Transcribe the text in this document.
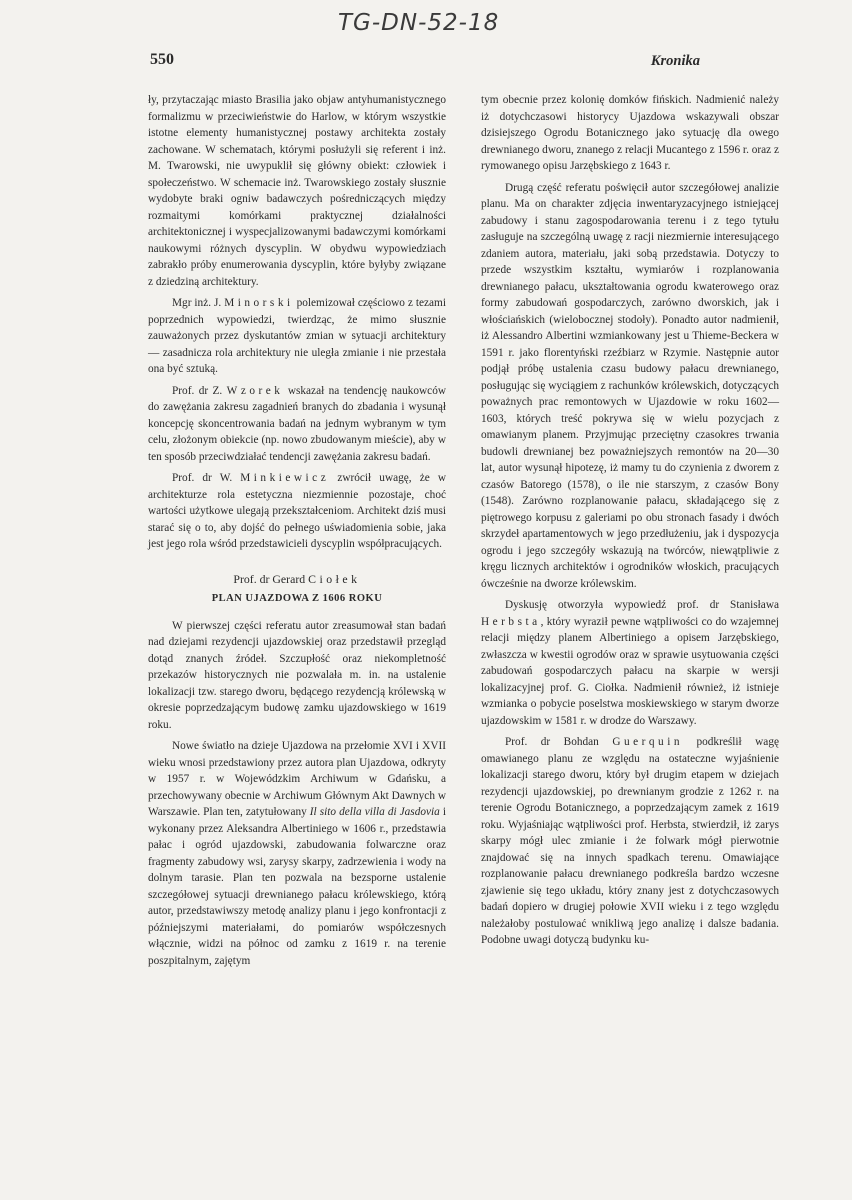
TG-DN-52-18
550	Kronika

ły, przytaczając miasto Brasilia jako objaw antyhumanistycznego formalizmu w przeciwieństwie do Harlow, w którym wszystkie istotne elementy humanistycznej postawy architekta zostały zachowane. W schematach, którymi posłużyli się referent i inż. M. Twarowski, nie uwypuklił się główny obiekt: człowiek i społeczeństwo. W schemacie inż. Twarowskiego zostały słusznie wydobyte braki ogniw badawczych pośredniczących między rozmaitymi komórkami praktycznej działalności architektonicznej i wyspecjalizowanymi badawczymi komórkami naukowymi różnych dyscyplin. W obydwu wypowiedziach zabrakło próby enumerowania dyscyplin, które byłyby związane z dziedziną architektury.

Mgr inż. J. Minorski polemizował częściowo z tezami poprzednich wypowiedzi, twierdząc, że mimo słusznie zauważonych przez dyskutantów zmian w sytuacji architektury — zasadnicza rola architektury nie uległa zmianie i nie przestała ona być sztuką.

Prof. dr Z. Wzorek wskazał na tendencję naukowców do zawężania zakresu zagadnień branych do zbadania i wysunął koncepcję skoncentrowania badań na jednym wybranym w tym celu, złożonym obiekcie (np. nowo zbudowanym mieście), aby w ten sposób przeciwdziałać tendencji zawężania zakresu badań.

Prof. dr W. Minkiewicz zwrócił uwagę, że w architekturze rola estetyczna niezmiennie pozostaje, choć wartości użytkowe ulegają przekształceniom. Architekt dziś musi starać się o to, aby dojść do pełnego uświadomienia sobie, jaka jest jego rola wśród przedstawicieli dyscyplin współpracujących.

Prof. dr Gerard Ciołek
PLAN UJAZDOWA Z 1606 ROKU

W pierwszej części referatu autor zreasumował stan badań nad dziejami rezydencji ujazdowskiej oraz przedstawił przegląd dotąd znanych źródeł. Szczupłość oraz niekompletność przekazów historycznych nie pozwalała m. in. na ustalenie lokalizacji tzw. starego dworu, będącego rezydencją królewską w okresie poprzedzającym budowę zamku ujazdowskiego w 1619 roku.

Nowe światło na dzieje Ujazdowa na przełomie XVI i XVII wieku wnosi przedstawiony przez autora plan Ujazdowa, odkryty w 1957 r. w Wojewódzkim Archiwum w Gdańsku, a przechowywany obecnie w Archiwum Głównym Akt Dawnych w Warszawie. Plan ten, zatytułowany Il sito della villa di Jasdovia i wykonany przez Aleksandra Albertiniego w 1606 r., przedstawia pałac i ogród ujazdowski, zabudowania folwarczne oraz fragmenty zabudowy wsi, zarysy skarpy, zadrzewienia i wody na dolnym tarasie. Plan ten pozwala na bezsporne ustalenie szczegółowej sytuacji drewnianego pałacu królewskiego, którą autor, przedstawiwszy metodę analizy planu i jego konfrontacji z późniejszymi materiałami, do pomiarów współczesnych włącznie, widzi na północ od zamku z 1619 r. na terenie poszpitalnym, zajętym

tym obecnie przez kolonię domków fińskich. Nadmienić należy iż dotychczasowi historycy Ujazdowa wskazywali obszar dzisiejszego Ogrodu Botanicznego jako sytuację dla owego drewnianego dworu, znanego z relacji Mucantego z 1596 r. oraz z rymowanego opisu Jarzębskiego z 1643 r.

Drugą część referatu poświęcił autor szczegółowej analizie planu. Ma on charakter zdjęcia inwentaryzacyjnego istniejącej zabudowy i stanu zagospodarowania terenu i z tego tytułu zasługuje na szczególną uwagę z racji niezmiernie interesującego zdaniem autora, materiału, jaki sobą przedstawia. Dotyczy to przede wszystkim kształtu, wymiarów i rozplanowania drewnianego pałacu, ukształtowania ogrodu kwaterowego oraz formy zabudowań gospodarczych, zarówno dworskich, jak i włościańskich (wielobocznej stodoły). Ponadto autor nadmienił, iż Alessandro Albertini wzmiankowany jest u Thieme-Beckera w 1591 r. jako florentyński rzeźbiarz w Rzymie. Następnie autor podjął próbę ustalenia czasu budowy pałacu drewnianego, posługując się wyciągiem z rachunków królewskich, dotyczących poważnych prac remontowych w Ujazdowie w roku 1602—1603, których treść pokrywa się w wielu pozycjach z omawianym planem. Przyjmując przeciętny czasokres trwania budowli drewnianej bez poważniejszych remontów na 20—30 lat, autor wysunął hipotezę, iż mamy tu do czynienia z dworem z czasów Batorego (1578), o ile nie starszym, z czasów Bony (1548). Zarówno rozplanowanie pałacu, składającego się z piętrowego korpusu z galeriami po obu stronach fasady i dwóch skrzydeł apartamentowych w jego przedłużeniu, jak i dyspozycja ogrodu i jego szczegóły wskazują na twórców, niewątpliwie z kręgu licznych architektów i ogrodników włoskich, pracujących ówcześnie na dworze królewskim.

Dyskusję otworzyła wypowiedź prof. dr Stanisława Herbsta, który wyraził pewne wątpliwości co do wzajemnej relacji między planem Albertiniego a opisem Jarzębskiego, zwłaszcza w kwestii ogrodów oraz w sprawie usytuowania części zabudowań gospodarczych pałacu na skarpie w wersji lokalizacyjnej prof. G. Ciołka. Nadmienił również, iż istnieje wzmianka o pobycie poselstwa moskiewskiego w starym dworze ujazdowskim w 1581 r. w drodze do Warszawy.

Prof. dr Bohdan Guerquin podkreślił wagę omawianego planu ze względu na ostateczne wyjaśnienie lokalizacji starego dworu, który był drugim etapem w dziejach rezydencji ujazdowskiej, po drewnianym grodzie z 1262 r. na terenie Ogrodu Botanicznego, a poprzedzającym zamek z 1619 roku. Wyjaśniając wątpliwości prof. Herbsta, stwierdził, iż zarys skarpy mógł ulec zmianie i że folwark mógł pierwotnie znajdować się na innych spadkach terenu. Omawiające rozplanowanie pałacu drewnianego podkreśla bardzo wczesne zjawienie się tego układu, który znany jest z dotychczasowych badań dopiero w drugiej połowie XVII wieku i z tego względu należałoby postulować wnikliwą jego analizę i dalsze badania. Podobne uwagi dotyczą budynku ku-
